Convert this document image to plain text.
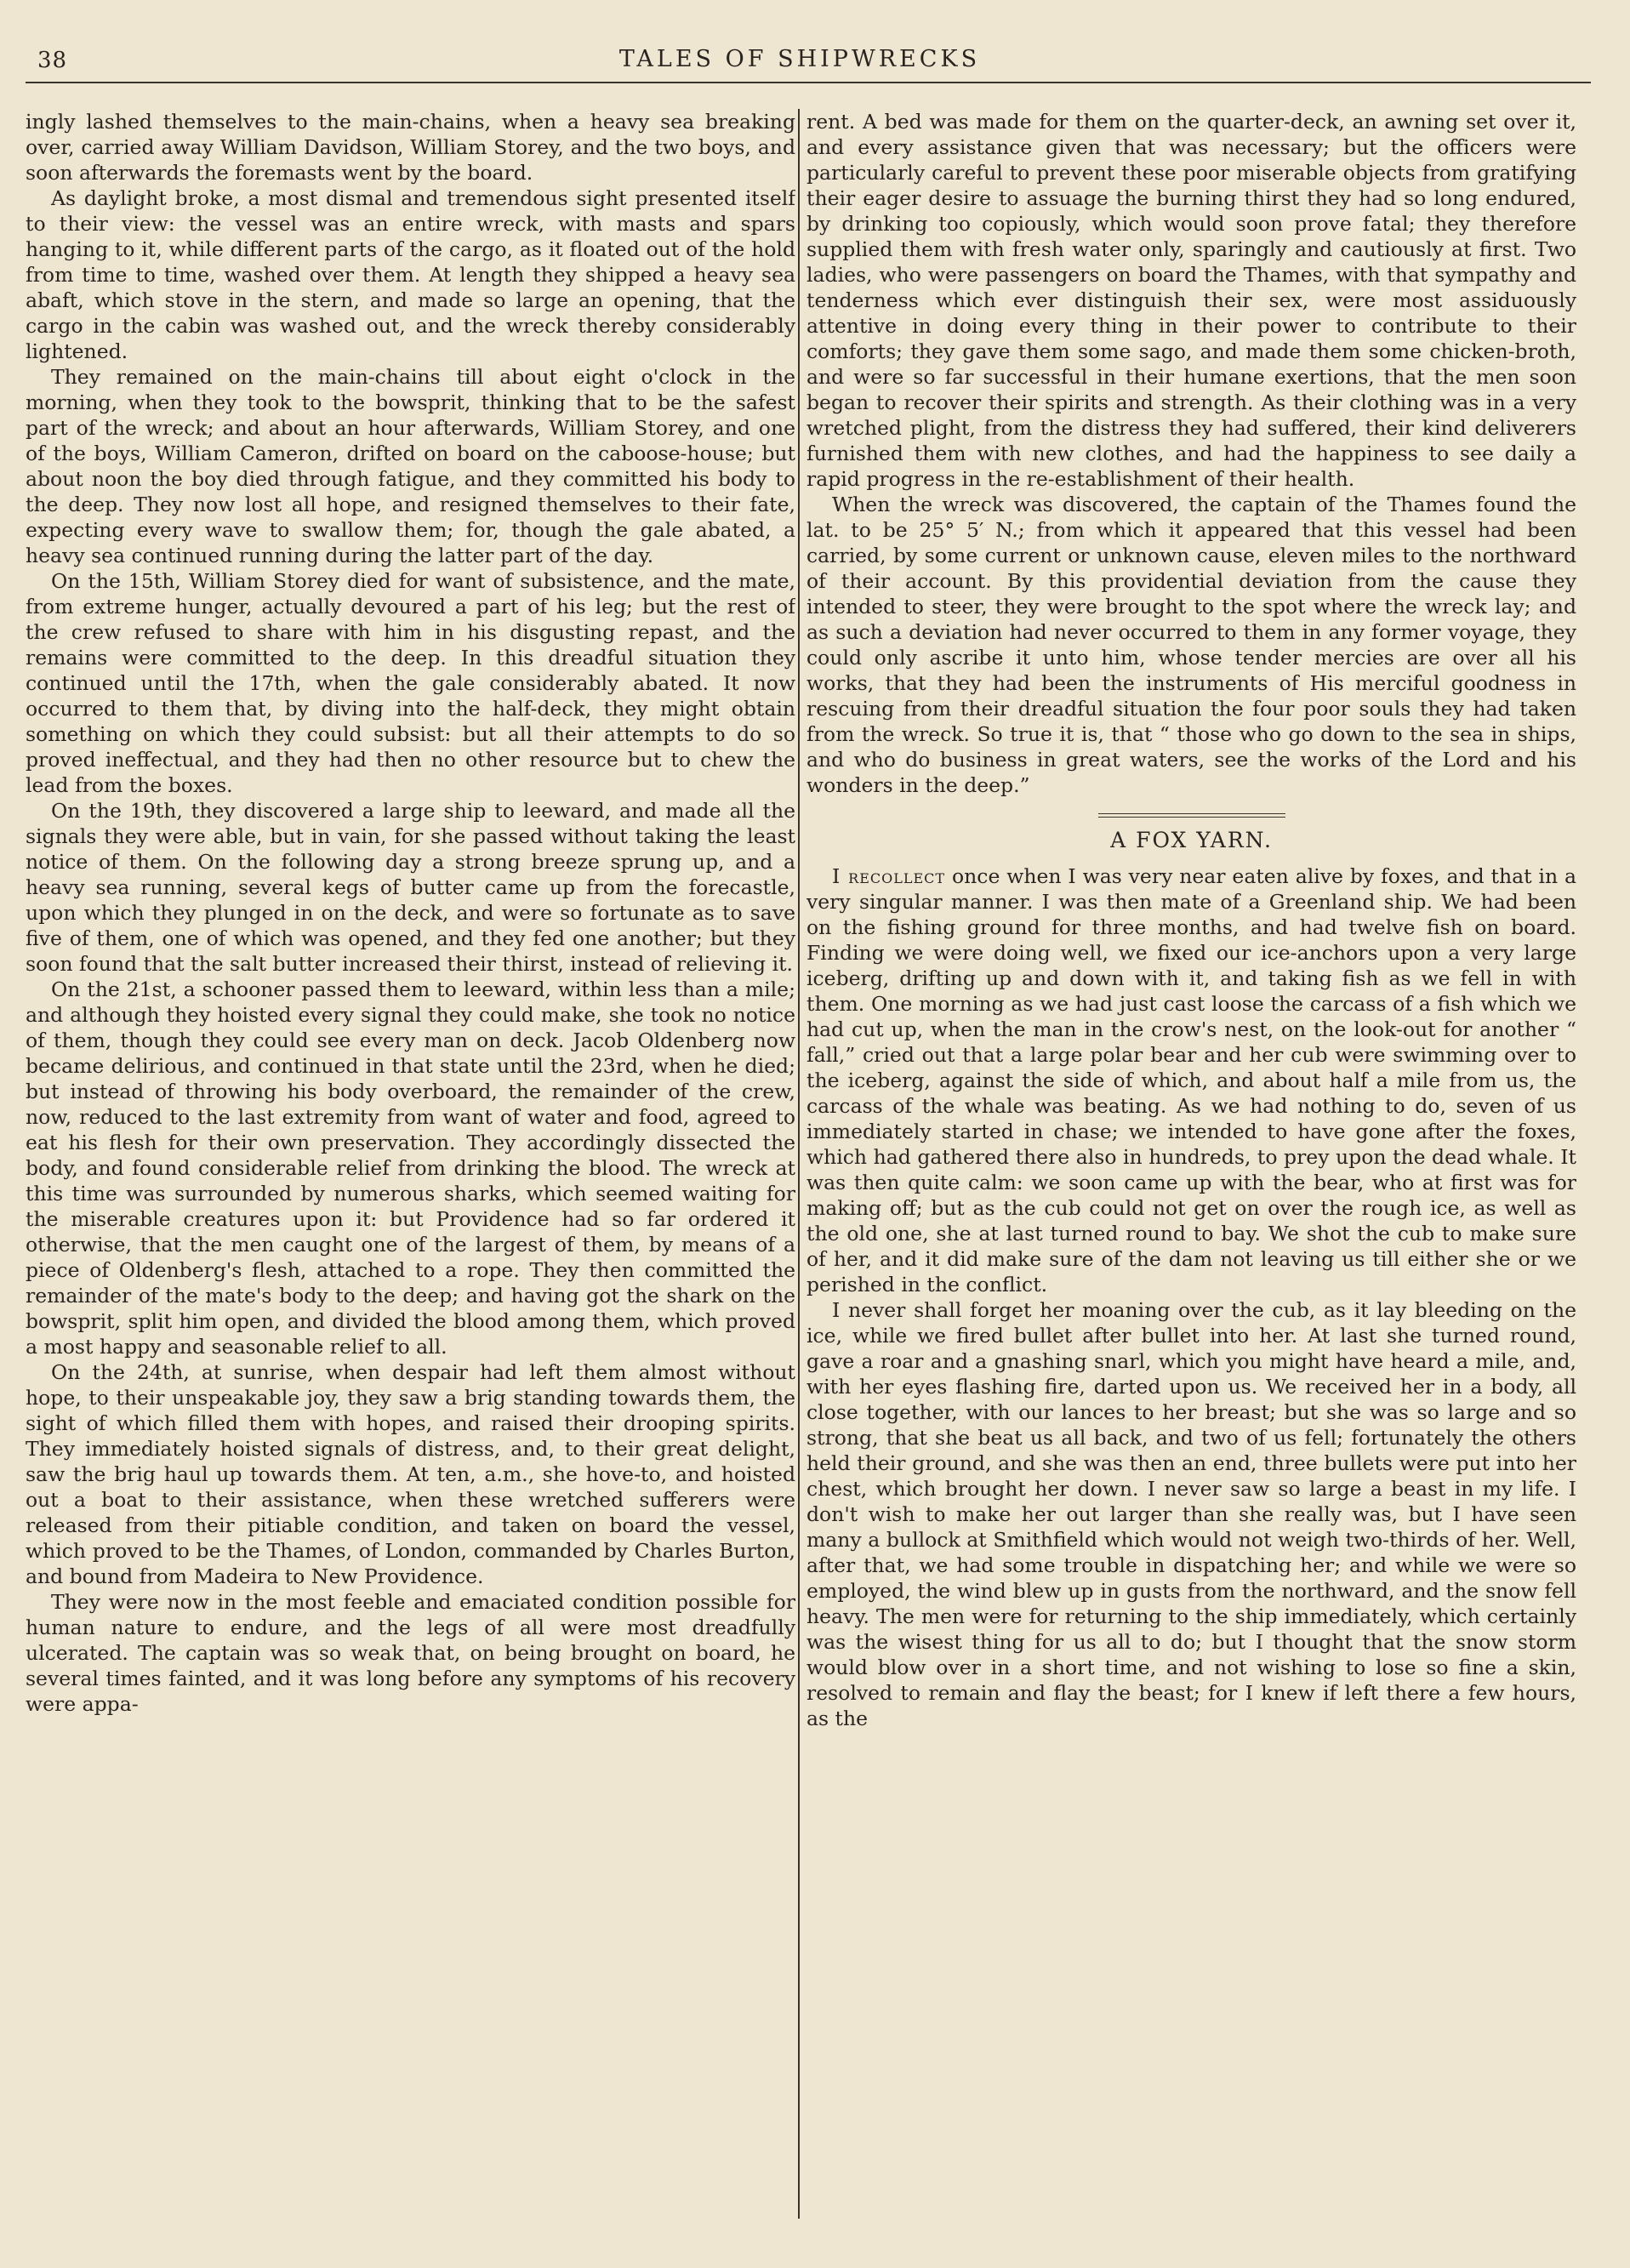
38	TALES OF SHIPWRECKS

ingly lashed themselves to the main-chains, when a heavy sea breaking over, carried away William Davidson, William Storey, and the two boys, and soon afterwards the foremasts went by the board.

As daylight broke, a most dismal and tremendous sight presented itself to their view: the vessel was an entire wreck, with masts and spars hanging to it, while different parts of the cargo, as it floated out of the hold from time to time, washed over them. At length they shipped a heavy sea abaft, which stove in the stern, and made so large an opening, that the cargo in the cabin was washed out, and the wreck thereby considerably lightened.

They remained on the main-chains till about eight o'clock in the morning, when they took to the bowsprit, thinking that to be the safest part of the wreck; and about an hour afterwards, William Storey, and one of the boys, William Cameron, drifted on board on the caboose-house; but about noon the boy died through fatigue, and they committed his body to the deep. They now lost all hope, and resigned themselves to their fate, expecting every wave to swallow them; for, though the gale abated, a heavy sea continued running during the latter part of the day.

On the 15th, William Storey died for want of subsistence, and the mate, from extreme hunger, actually devoured a part of his leg; but the rest of the crew refused to share with him in his disgusting repast, and the remains were committed to the deep. In this dreadful situation they continued until the 17th, when the gale considerably abated. It now occurred to them that, by diving into the half-deck, they might obtain something on which they could subsist: but all their attempts to do so proved ineffectual, and they had then no other resource but to chew the lead from the boxes.

On the 19th, they discovered a large ship to leeward, and made all the signals they were able, but in vain, for she passed without taking the least notice of them. On the following day a strong breeze sprung up, and a heavy sea running, several kegs of butter came up from the forecastle, upon which they plunged in on the deck, and were so fortunate as to save five of them, one of which was opened, and they fed one another; but they soon found that the salt butter increased their thirst, instead of relieving it.

On the 21st, a schooner passed them to leeward, within less than a mile; and although they hoisted every signal they could make, she took no notice of them, though they could see every man on deck. Jacob Oldenberg now became delirious, and continued in that state until the 23rd, when he died; but instead of throwing his body overboard, the remainder of the crew, now, reduced to the last extremity from want of water and food, agreed to eat his flesh for their own preservation. They accordingly dissected the body, and found considerable relief from drinking the blood. The wreck at this time was surrounded by numerous sharks, which seemed waiting for the miserable creatures upon it: but Providence had so far ordered it otherwise, that the men caught one of the largest of them, by means of a piece of Oldenberg's flesh, attached to a rope. They then committed the remainder of the mate's body to the deep; and having got the shark on the bowsprit, split him open, and divided the blood among them, which proved a most happy and seasonable relief to all.

On the 24th, at sunrise, when despair had left them almost without hope, to their unspeakable joy, they saw a brig standing towards them, the sight of which filled them with hopes, and raised their drooping spirits. They immediately hoisted signals of distress, and, to their great delight, saw the brig haul up towards them. At ten, a.m., she hove-to, and hoisted out a boat to their assistance, when these wretched sufferers were released from their pitiable condition, and taken on board the vessel, which proved to be the Thames, of London, commanded by Charles Burton, and bound from Madeira to New Providence.

They were now in the most feeble and emaciated condition possible for human nature to endure, and the legs of all were most dreadfully ulcerated. The captain was so weak that, on being brought on board, he several times fainted, and it was long before any symptoms of his recovery were appa-

rent. A bed was made for them on the quarter-deck, an awning set over it, and every assistance given that was necessary; but the officers were particularly careful to prevent these poor miserable objects from gratifying their eager desire to assuage the burning thirst they had so long endured, by drinking too copiously, which would soon prove fatal; they therefore supplied them with fresh water only, sparingly and cautiously at first. Two ladies, who were passengers on board the Thames, with that sympathy and tenderness which ever distinguish their sex, were most assiduously attentive in doing every thing in their power to contribute to their comforts; they gave them some sago, and made them some chicken-broth, and were so far successful in their humane exertions, that the men soon began to recover their spirits and strength. As their clothing was in a very wretched plight, from the distress they had suffered, their kind deliverers furnished them with new clothes, and had the happiness to see daily a rapid progress in the re-establishment of their health.

When the wreck was discovered, the captain of the Thames found the lat. to be 25° 5′ N.; from which it appeared that this vessel had been carried, by some current or unknown cause, eleven miles to the northward of their account. By this providential deviation from the cause they intended to steer, they were brought to the spot where the wreck lay; and as such a deviation had never occurred to them in any former voyage, they could only ascribe it unto him, whose tender mercies are over all his works, that they had been the instruments of His merciful goodness in rescuing from their dreadful situation the four poor souls they had taken from the wreck. So true it is, that “ those who go down to the sea in ships, and who do business in great waters, see the works of the Lord and his wonders in the deep.”

A FOX YARN.

I recollect once when I was very near eaten alive by foxes, and that in a very singular manner. I was then mate of a Greenland ship. We had been on the fishing ground for three months, and had twelve fish on board. Finding we were doing well, we fixed our ice-anchors upon a very large iceberg, drifting up and down with it, and taking fish as we fell in with them. One morning as we had just cast loose the carcass of a fish which we had cut up, when the man in the crow's nest, on the look-out for another “ fall,” cried out that a large polar bear and her cub were swimming over to the iceberg, against the side of which, and about half a mile from us, the carcass of the whale was beating. As we had nothing to do, seven of us immediately started in chase; we intended to have gone after the foxes, which had gathered there also in hundreds, to prey upon the dead whale. It was then quite calm: we soon came up with the bear, who at first was for making off; but as the cub could not get on over the rough ice, as well as the old one, she at last turned round to bay. We shot the cub to make sure of her, and it did make sure of the dam not leaving us till either she or we perished in the conflict.

I never shall forget her moaning over the cub, as it lay bleeding on the ice, while we fired bullet after bullet into her. At last she turned round, gave a roar and a gnashing snarl, which you might have heard a mile, and, with her eyes flashing fire, darted upon us. We received her in a body, all close together, with our lances to her breast; but she was so large and so strong, that she beat us all back, and two of us fell; fortunately the others held their ground, and she was then an end, three bullets were put into her chest, which brought her down. I never saw so large a beast in my life. I don't wish to make her out larger than she really was, but I have seen many a bullock at Smithfield which would not weigh two-thirds of her. Well, after that, we had some trouble in dispatching her; and while we were so employed, the wind blew up in gusts from the northward, and the snow fell heavy. The men were for returning to the ship immediately, which certainly was the wisest thing for us all to do; but I thought that the snow storm would blow over in a short time, and not wishing to lose so fine a skin, resolved to remain and flay the beast; for I knew if left there a few hours, as the
